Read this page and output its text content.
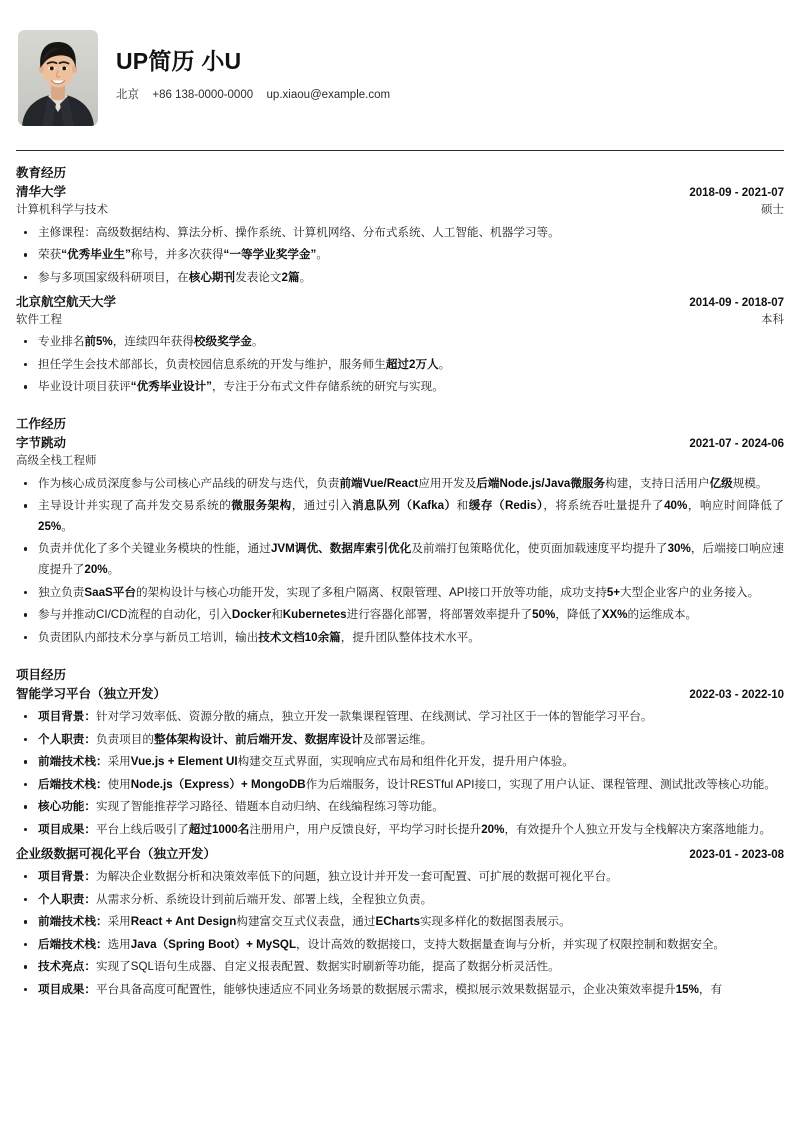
UP简历 小U
北京 +86 138-0000-0000 up.xiaou@example.com
教育经历
清华大学	2018-09 - 2021-07
计算机科学与技术	硕士
主修课程：高级数据结构、算法分析、操作系统、计算机网络、分布式系统、人工智能、机器学习等。
荣获“优秀毕业生”称号，并多次获得“一等学业奖学金”。
参与多项国家级科研项目，在核心期刊发表论文2篇。
北京航空航天大学	2014-09 - 2018-07
软件工程	本科
专业排名前5%，连续四年获得校级奖学金。
担任学生会技术部部长，负责校园信息系统的开发与维护，服务师生超过2万人。
毕业设计项目获评“优秀毕业设计”，专注于分布式文件存储系统的研究与实现。
工作经历
字节跳动	2021-07 - 2024-06
高级全栈工程师
作为核心成员深度参与公司核心产品线的研发与迭代，负责前端Vue/React应用开发及后端Node.js/Java微服务构建，支持日活用户亿级规模。
主导设计并实现了高并发交易系统的微服务架构，通过引入消息队列（Kafka）和缓存（Redis），将系统吞吐量提升了40%，响应时间降低了25%。
负责并优化了多个关键业务模块的性能，通过JVM调优、数据库索引优化及前端打包策略优化，使页面加载速度平均提升了30%，后端接口响应速度提升了20%。
独立负责SaaS平台的架构设计与核心功能开发，实现了多租户隔离、权限管理、API接口开放等功能，成功支持5+大型企业客户的业务接入。
参与并推动CI/CD流程的自动化，引入Docker和Kubernetes进行容器化部署，将部署效率提升了50%，降低了XX%的运维成本。
负责团队内部技术分享与新员工培训，输出技术文档10余篇，提升团队整体技术水平。
项目经历
智能学习平台（独立开发）	2022-03 - 2022-10
项目背景：针对学习效率低、资源分散的痛点，独立开发一款集课程管理、在线测试、学习社区于一体的智能学习平台。
个人职责：负责项目的整体架构设计、前后端开发、数据库设计及部署运维。
前端技术栈：采用Vue.js + Element UI构建交互式界面，实现响应式布局和组件化开发，提升用户体验。
后端技术栈：使用Node.js（Express）+ MongoDB作为后端服务，设计RESTful API接口，实现了用户认证、课程管理、测试批改等核心功能。
核心功能：实现了智能推荐学习路径、错题本自动归纳、在线编程练习等功能。
项目成果：平台上线后吸引了超过1000名注册用户，用户反馈良好，平均学习时长提升20%，有效提升个人独立开发与全栈解决方案落地能力。
企业级数据可视化平台（独立开发）	2023-01 - 2023-08
项目背景：为解决企业数据分析和决策效率低下的问题，独立设计并开发一套可配置、可扩展的数据可视化平台。
个人职责：从需求分析、系统设计到前后端开发、部署上线，全程独立负责。
前端技术栈：采用React + Ant Design构建富交互式仪表盘，通过ECharts实现多样化的数据图表展示。
后端技术栈：选用Java（Spring Boot）+ MySQL，设计高效的数据接口，支持大数据量查询与分析，并实现了权限控制和数据安全。
技术亮点：实现了SQL语句生成器、自定义报表配置、数据实时刷新等功能，提高了数据分析灵活性。
项目成果：平台具备高度可配置性，能够快速适应不同业务场景的数据展示需求，模拟展示效果数据显示，企业决策效率提升15%，有
